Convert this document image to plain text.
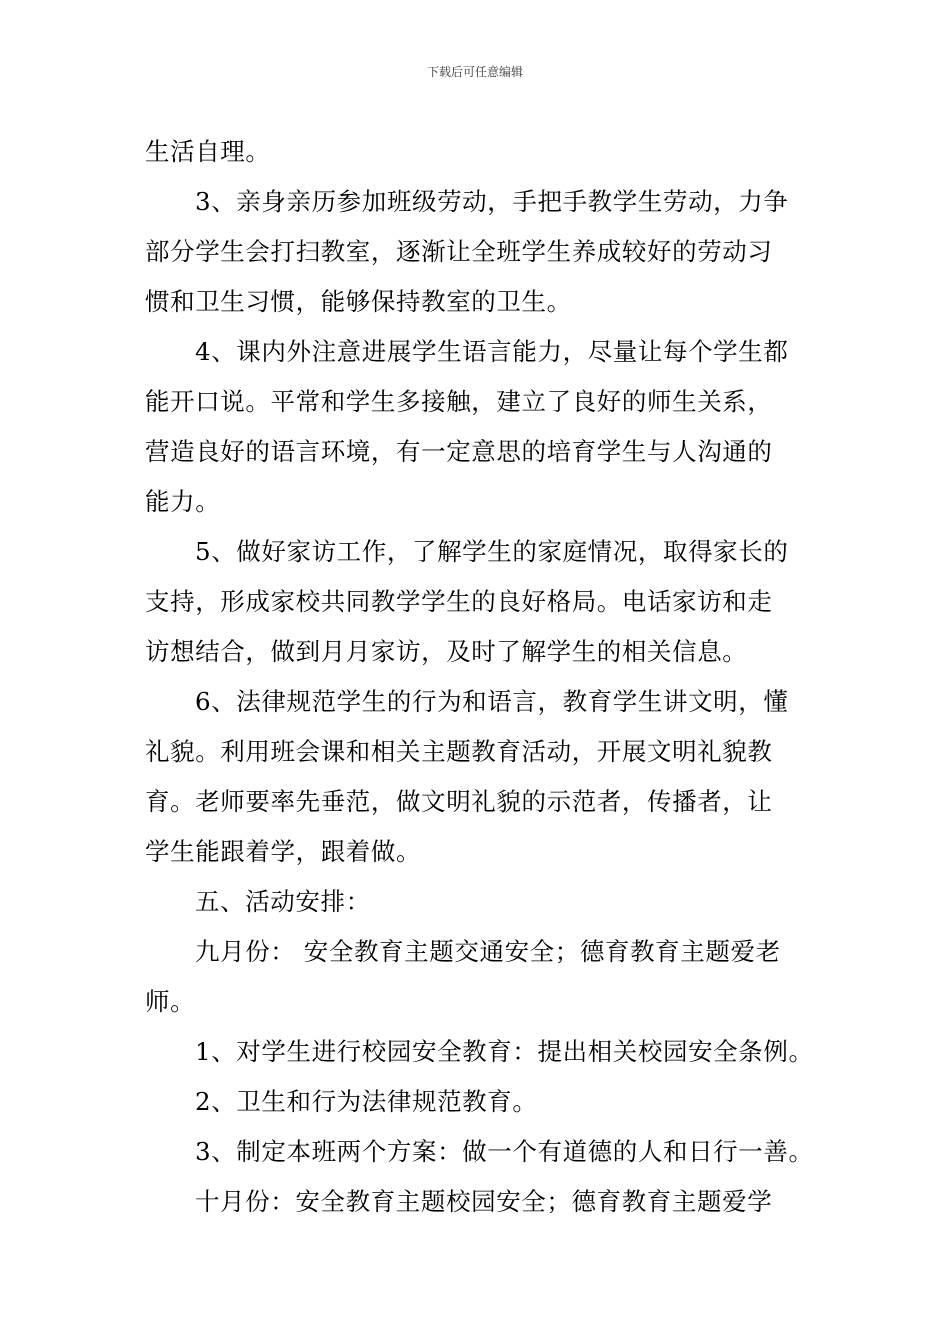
下载后可任意编辑
生活自理。
3、亲身亲历参加班级劳动，手把手教学生劳动，力争
部分学生会打扫教室，逐渐让全班学生养成较好的劳动习
惯和卫生习惯，能够保持教室的卫生。
4、课内外注意进展学生语言能力，尽量让每个学生都
能开口说。平常和学生多接触，建立了良好的师生关系，
营造良好的语言环境，有一定意思的培育学生与人沟通的
能力。
5、做好家访工作，了解学生的家庭情况，取得家长的
支持，形成家校共同教学学生的良好格局。电话家访和走
访想结合，做到月月家访，及时了解学生的相关信息。
6、法律规范学生的行为和语言，教育学生讲文明，懂
礼貌。利用班会课和相关主题教育活动，开展文明礼貌教
育。老师要率先垂范，做文明礼貌的示范者，传播者，让
学生能跟着学，跟着做。
五、活动安排：
九月份： 安全教育主题交通安全；德育教育主题爱老
师。
1、对学生进行校园安全教育：提出相关校园安全条例。
2、卫生和行为法律规范教育。
3、制定本班两个方案：做一个有道德的人和日行一善。
十月份：安全教育主题校园安全；德育教育主题爱学
